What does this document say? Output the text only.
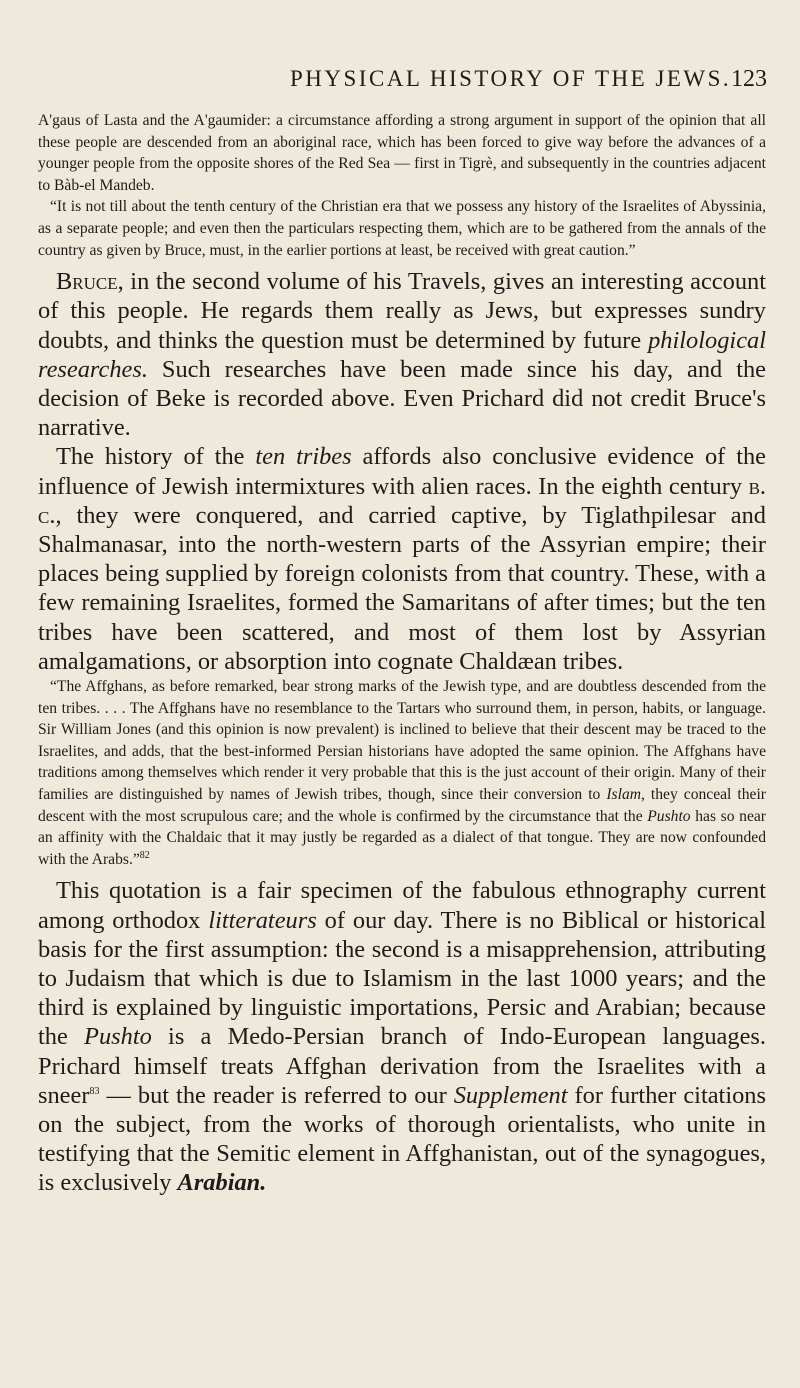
PHYSICAL HISTORY OF THE JEWS. 123

A'gaus of Lasta and the A'gaumider: a circumstance affording a strong argument in support of the opinion that all these people are descended from an aboriginal race, which has been forced to give way before the advances of a younger people from the opposite shores of the Red Sea — first in Tigrè, and subsequently in the countries adjacent to Bàb-el Mandeb.

“It is not till about the tenth century of the Christian era that we possess any history of the Israelites of Abyssinia, as a separate people; and even then the particulars respecting them, which are to be gathered from the annals of the country as given by Bruce, must, in the earlier portions at least, be received with great caution.”

Bruce, in the second volume of his Travels, gives an interesting account of this people. He regards them really as Jews, but expresses sundry doubts, and thinks the question must be determined by future philological researches. Such researches have been made since his day, and the decision of Beke is recorded above. Even Prichard did not credit Bruce's narrative.

The history of the ten tribes affords also conclusive evidence of the influence of Jewish intermixtures with alien races. In the eighth century b. c., they were conquered, and carried captive, by Tiglathpilesar and Shalmanasar, into the north-western parts of the Assyrian empire; their places being supplied by foreign colonists from that country. These, with a few remaining Israelites, formed the Samaritans of after times; but the ten tribes have been scattered, and most of them lost by Assyrian amalgamations, or absorption into cognate Chaldæan tribes.

“The Affghans, as before remarked, bear strong marks of the Jewish type, and are doubtless descended from the ten tribes. . . . The Affghans have no resemblance to the Tartars who surround them, in person, habits, or language. Sir William Jones (and this opinion is now prevalent) is inclined to believe that their descent may be traced to the Israelites, and adds, that the best-informed Persian historians have adopted the same opinion. The Affghans have traditions among themselves which render it very probable that this is the just account of their origin. Many of their families are distinguished by names of Jewish tribes, though, since their conversion to Islam, they conceal their descent with the most scrupulous care; and the whole is confirmed by the circumstance that the Pushto has so near an affinity with the Chaldaic that it may justly be regarded as a dialect of that tongue. They are now confounded with the Arabs.”$^{82}$

This quotation is a fair specimen of the fabulous ethnography current among orthodox litterateurs of our day. There is no Biblical or historical basis for the first assumption: the second is a misapprehension, attributing to Judaism that which is due to Islamism in the last 1000 years; and the third is explained by linguistic importations, Persic and Arabian; because the Pushto is a Medo-Persian branch of Indo-European languages. Prichard himself treats Affghan derivation from the Israelites with a sneer$^{83}$ — but the reader is referred to our Supplement for further citations on the subject, from the works of thorough orientalists, who unite in testifying that the Semitic element in Affghanistan, out of the synagogues, is exclusively Arabian.
